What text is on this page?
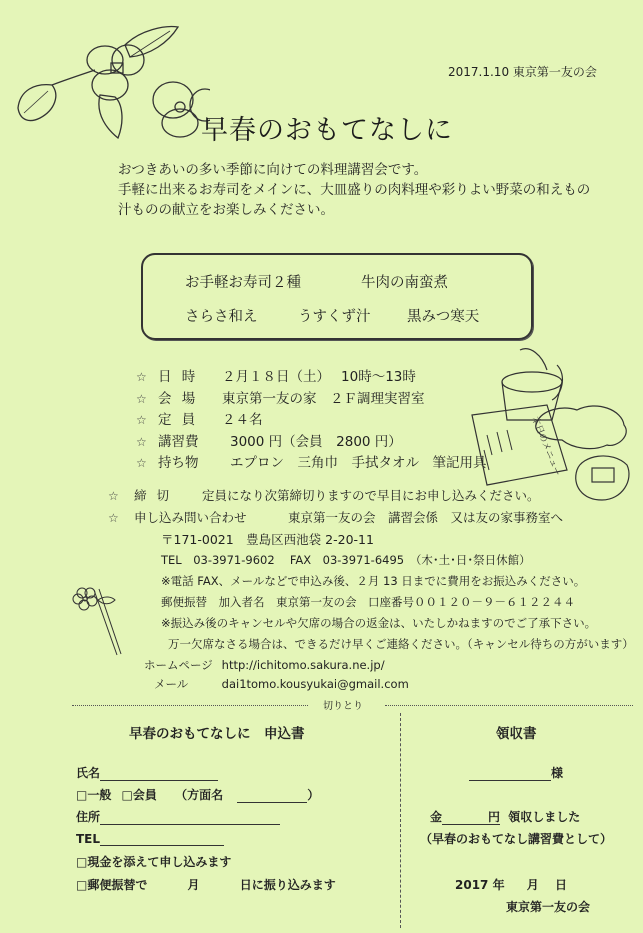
本日のメニュー
2017.1.10 東京第一友の会
早春のおもてなしに
おつきあいの多い季節に向けての料理講習会です。
手軽に出来るお寿司をメインに、大皿盛りの肉料理や彩りよい野菜の和えもの
汁ものの献立をお楽しみください。
お手軽お寿司２種	牛肉の南蛮煮
さらさ和え	うすくず汁	黒みつ寒天
☆ 日 時	２月１８日（土）　 10時〜13時
☆ 会 場	東京第一友の家　２Ｆ調理実習室
☆ 定 員	２４名
☆ 講習費	3000 円（会員　2800 円）
☆ 持ち物	エプロン　三角巾　手拭タオル　筆記用具
☆ 締 切 定員になり次第締切りますので早目にお申し込みください。
☆ 申し込み問い合わせ	東京第一友の会　講習会係　又は友の家事務室へ
〒171-0021　豊島区西池袋 2-20-11
TEL　03-3971-9602　 FAX　03-3971-6495　（木･土･日･祭日休館）
※電話 FAX、メールなどで申込み後、２月 13 日までに費用をお振込みください。
郵便振替　加入者名　東京第一友の会　口座番号００１２０－９－６１２２４４
※振込み後のキャンセルや欠席の場合の返金は、いたしかねますのでご了承下さい。
万一欠席なさる場合は、できるだけ早くご連絡ください。（キャンセル待ちの方がいます）
ホームページ http://ichitomo.sakura.ne.jp/
メール	dai1tomo.kousyukai@gmail.com
切りとり
早春のおもてなしに　申込書
氏名
□一般 □会員 （方面名	）
住所
TEL
□現金を添えて申し込みます
□郵便振替で	月	日に振り込みます
領収書
様
金	円 領収しました
（早春のおもてなし講習費として）
2017 年 月 日
東京第一友の会
